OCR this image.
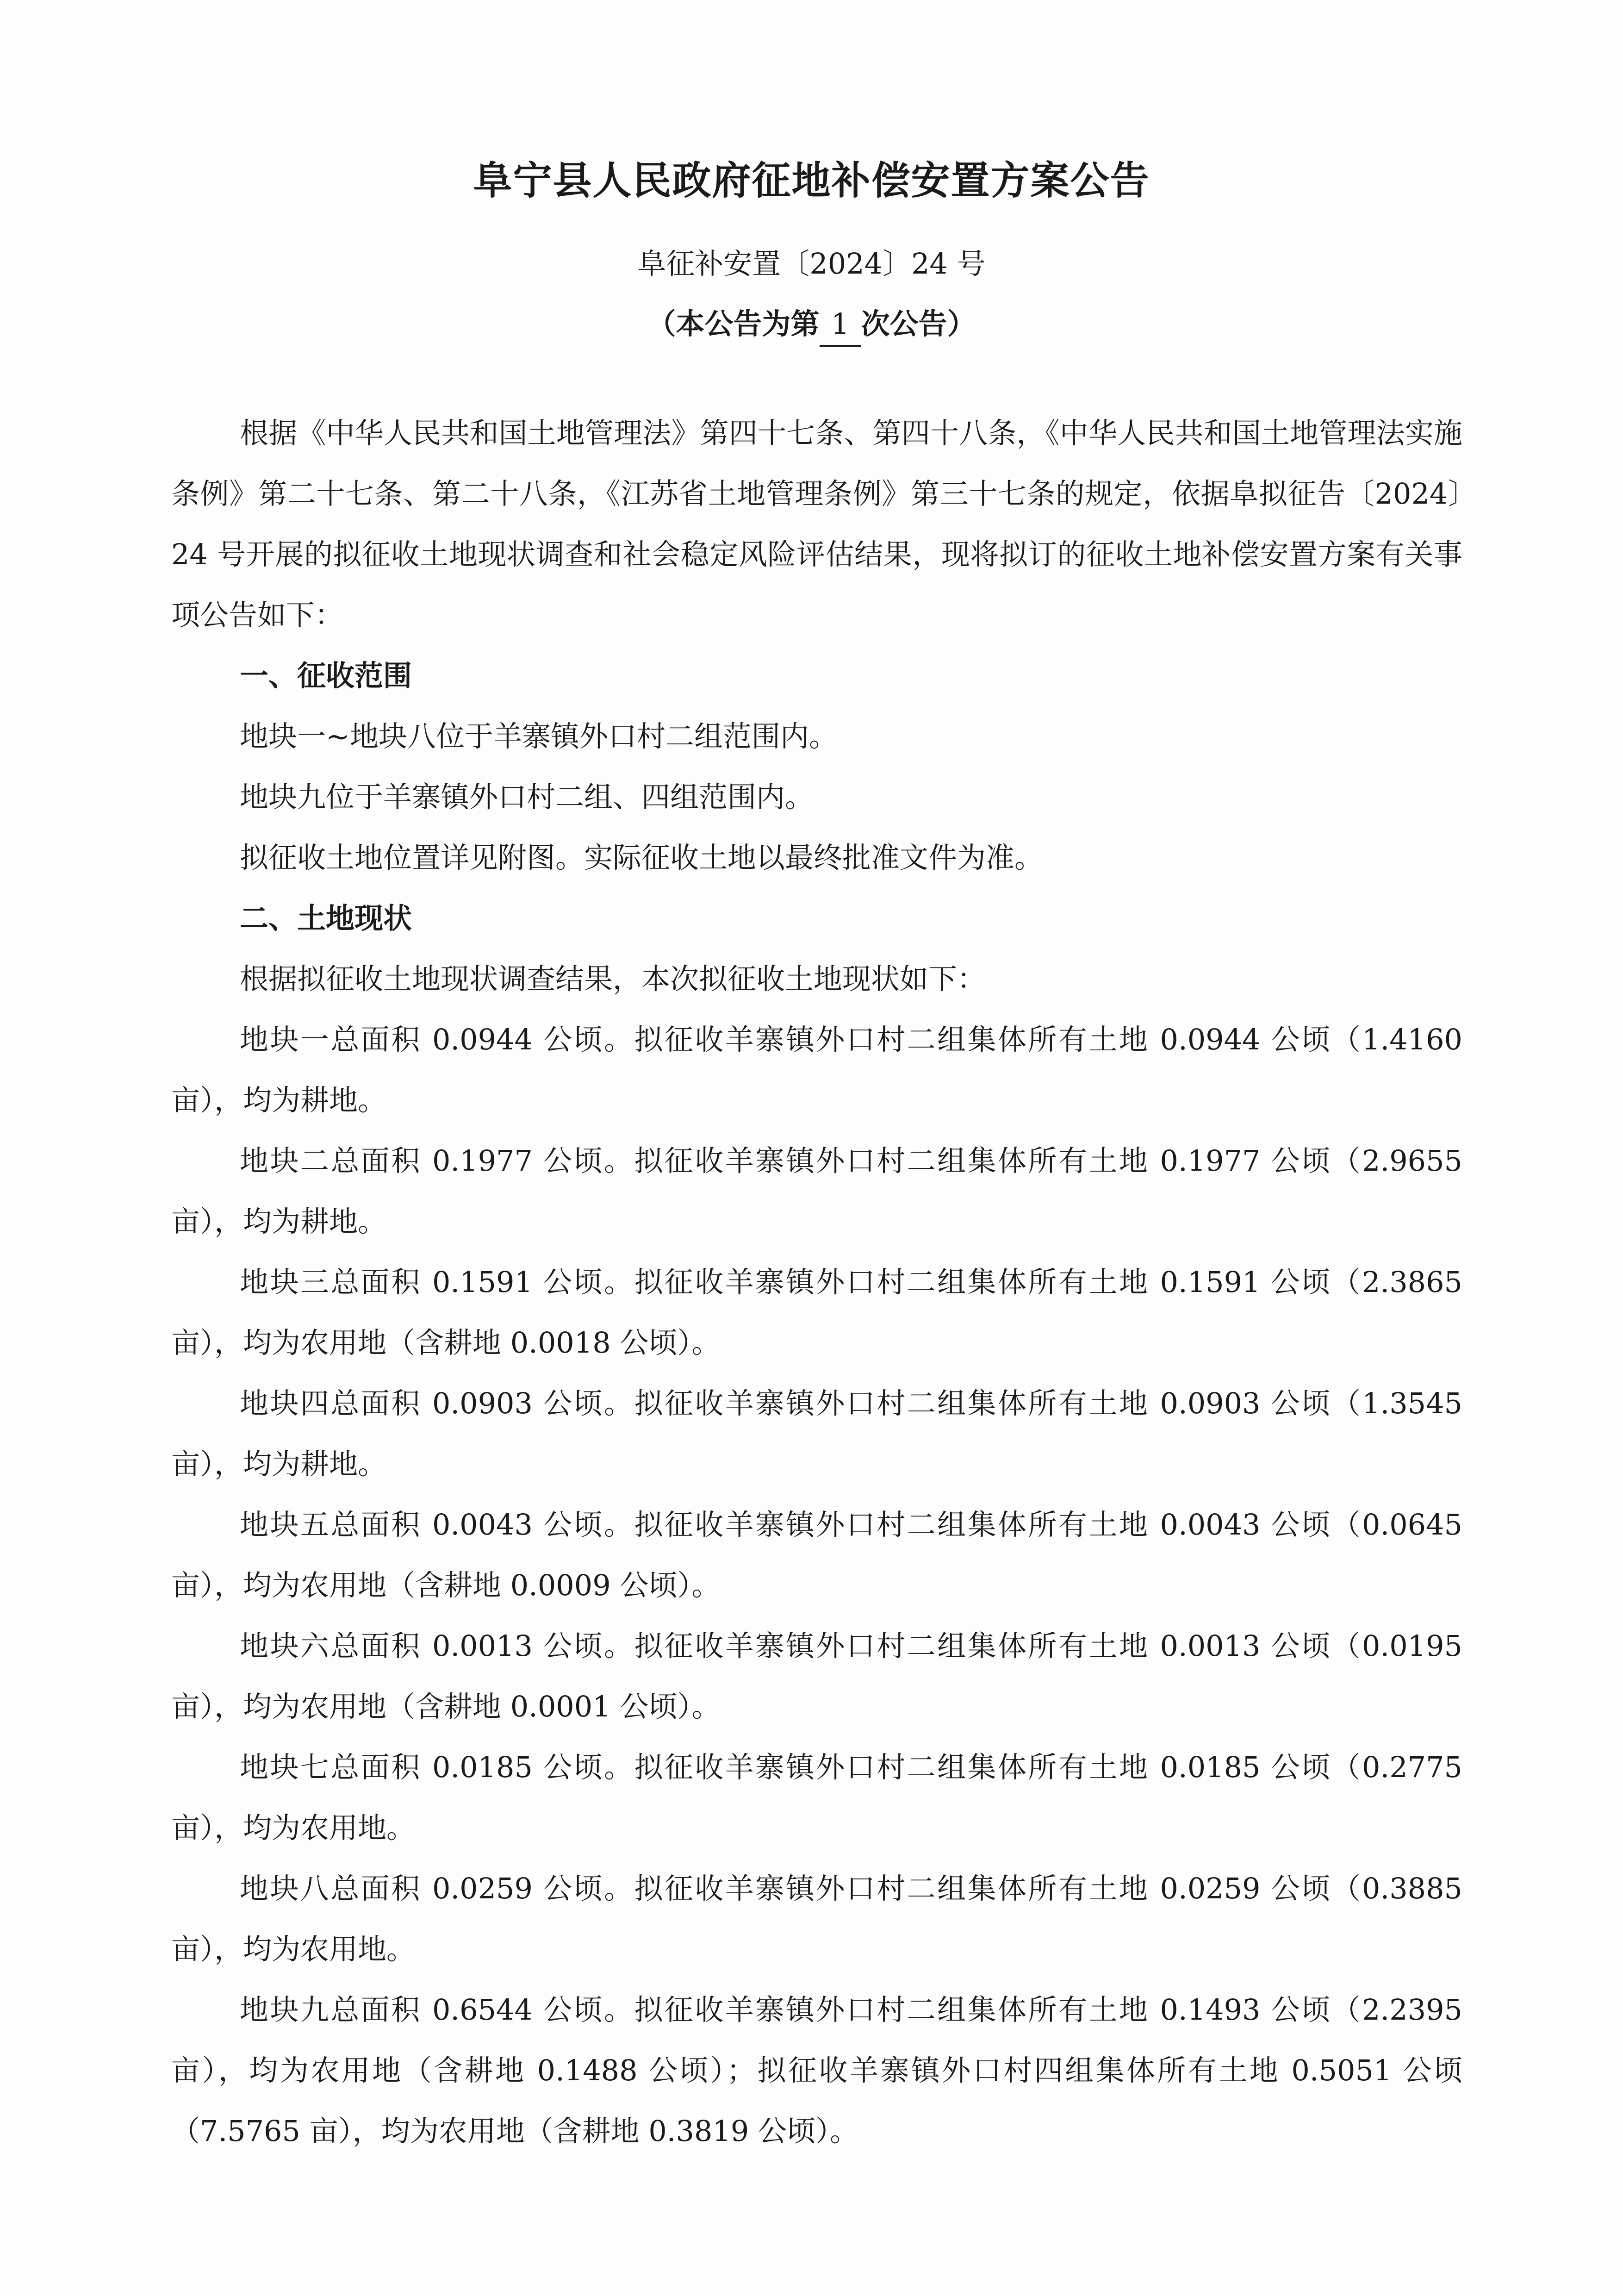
阜宁县人民政府征地补偿安置方案公告
阜征补安置〔2024〕24 号
（本公告为第 1 次公告）

根据《中华人民共和国土地管理法》第四十七条、第四十八条，《中华人民共和国土地管理法实施条例》第二十七条、第二十八条，《江苏省土地管理条例》第三十七条的规定，依据阜拟征告〔2024〕24 号开展的拟征收土地现状调查和社会稳定风险评估结果，现将拟订的征收土地补偿安置方案有关事项公告如下：

一、征收范围

地块一~地块八位于羊寨镇外口村二组范围内。

地块九位于羊寨镇外口村二组、四组范围内。

拟征收土地位置详见附图。实际征收土地以最终批准文件为准。

二、土地现状

根据拟征收土地现状调查结果，本次拟征收土地现状如下：

地块一总面积 0.0944 公顷。拟征收羊寨镇外口村二组集体所有土地 0.0944 公顷（1.4160 亩），均为耕地。

地块二总面积 0.1977 公顷。拟征收羊寨镇外口村二组集体所有土地 0.1977 公顷（2.9655 亩），均为耕地。

地块三总面积 0.1591 公顷。拟征收羊寨镇外口村二组集体所有土地 0.1591 公顷（2.3865 亩），均为农用地（含耕地 0.0018 公顷）。

地块四总面积 0.0903 公顷。拟征收羊寨镇外口村二组集体所有土地 0.0903 公顷（1.3545 亩），均为耕地。

地块五总面积 0.0043 公顷。拟征收羊寨镇外口村二组集体所有土地 0.0043 公顷（0.0645 亩），均为农用地（含耕地 0.0009 公顷）。

地块六总面积 0.0013 公顷。拟征收羊寨镇外口村二组集体所有土地 0.0013 公顷（0.0195 亩），均为农用地（含耕地 0.0001 公顷）。

地块七总面积 0.0185 公顷。拟征收羊寨镇外口村二组集体所有土地 0.0185 公顷（0.2775 亩），均为农用地。

地块八总面积 0.0259 公顷。拟征收羊寨镇外口村二组集体所有土地 0.0259 公顷（0.3885 亩），均为农用地。

地块九总面积 0.6544 公顷。拟征收羊寨镇外口村二组集体所有土地 0.1493 公顷（2.2395 亩），均为农用地（含耕地 0.1488 公顷）；拟征收羊寨镇外口村四组集体所有土地 0.5051 公顷（7.5765 亩），均为农用地（含耕地 0.3819 公顷）。
